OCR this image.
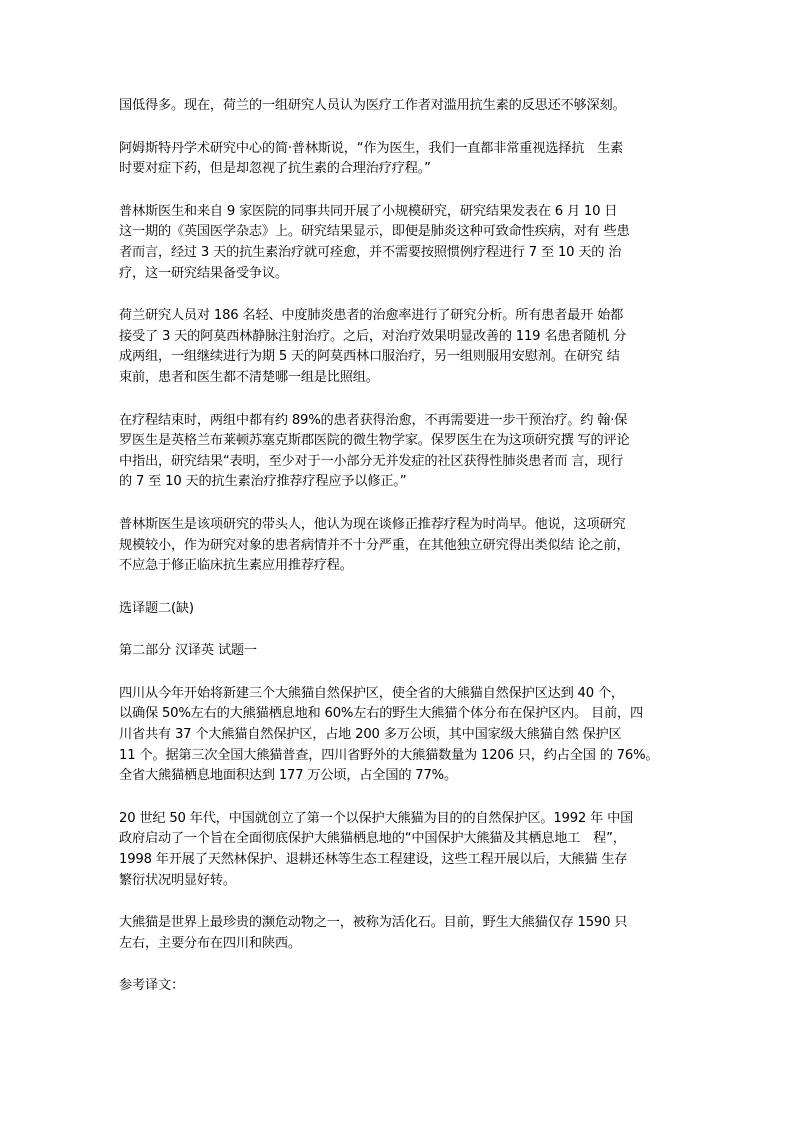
国低得多。现在，荷兰的一组研究人员认为医疗工作者对滥用抗生素的反思还不够深刻。

阿姆斯特丹学术研究中心的简·普林斯说，“作为医生，我们一直都非常重视选择抗　生素
时要对症下药，但是却忽视了抗生素的合理治疗疗程。”

普林斯医生和来自 9 家医院的同事共同开展了小规模研究，研究结果发表在 6 月 10 日
这一期的《英国医学杂志》上。研究结果显示，即便是肺炎这种可致命性疾病，对有 些患
者而言，经过 3 天的抗生素治疗就可痊愈，并不需要按照惯例疗程进行 7 至 10 天的 治
疗，这一研究结果备受争议。

荷兰研究人员对 186 名轻、中度肺炎患者的治愈率进行了研究分析。所有患者最开 始都
接受了 3 天的阿莫西林静脉注射治疗。之后，对治疗效果明显改善的 119 名患者随机 分
成两组，一组继续进行为期 5 天的阿莫西林口服治疗，另一组则服用安慰剂。在研究 结
束前，患者和医生都不清楚哪一组是比照组。

在疗程结束时，两组中都有约 89%的患者获得治愈，不再需要进一步干预治疗。约 翰·保
罗医生是英格兰布莱顿苏塞克斯郡医院的微生物学家。保罗医生在为这项研究撰 写的评论
中指出，研究结果“表明，至少对于一小部分无并发症的社区获得性肺炎患者而 言，现行
的 7 至 10 天的抗生素治疗推荐疗程应予以修正。”

普林斯医生是该项研究的带头人，他认为现在谈修正推荐疗程为时尚早。他说，这项研究
规模较小，作为研究对象的患者病情并不十分严重，在其他独立研究得出类似结 论之前，
不应急于修正临床抗生素应用推荐疗程。

选译题二(缺)

第二部分 汉译英 试题一

四川从今年开始将新建三个大熊猫自然保护区，使全省的大熊猫自然保护区达到 40 个，
以确保 50%左右的大熊猫栖息地和 60%左右的野生大熊猫个体分布在保护区内。 目前，四
川省共有 37 个大熊猫自然保护区，占地 200 多万公顷，其中国家级大熊猫自然 保护区
11 个。据第三次全国大熊猫普查，四川省野外的大熊猫数量为 1206 只，约占全国 的 76%。
全省大熊猫栖息地面积达到 177 万公顷，占全国的 77%。

20 世纪 50 年代，中国就创立了第一个以保护大熊猫为目的的自然保护区。1992 年 中国
政府启动了一个旨在全面彻底保护大熊猫栖息地的“中国保护大熊猫及其栖息地工　程”，
1998 年开展了天然林保护、退耕还林等生态工程建设，这些工程开展以后，大熊猫 生存
繁衍状况明显好转。

大熊猫是世界上最珍贵的濒危动物之一，被称为活化石。目前，野生大熊猫仅存 1590 只
左右，主要分布在四川和陕西。

参考译文：
